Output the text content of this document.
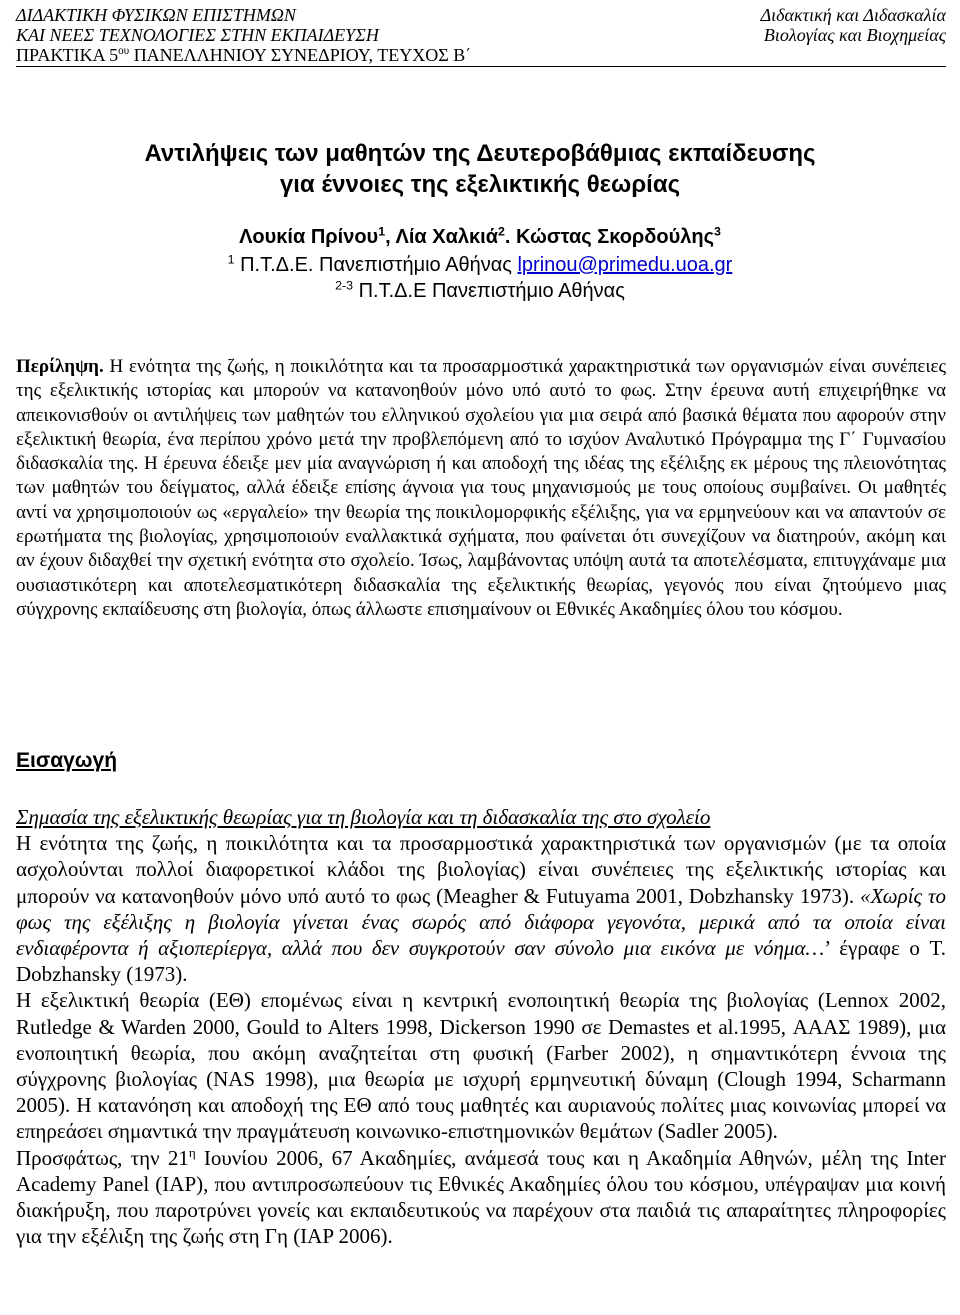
ΔΙΔΑΚΤΙΚΗ ΦΥΣΙΚΩΝ ΕΠΙΣΤΗΜΩΝ
ΚΑΙ ΝΕΕΣ ΤΕΧΝΟΛΟΓΙΕΣ ΣΤΗΝ ΕΚΠΑΙΔΕΥΣΗ
ΠΡΑΚΤΙΚΑ $5^{o\upsilon}$ ΠΑΝΕΛΛΗΝΙΟΥ ΣΥΝΕΔΡΙΟΥ, ΤΕΥΧΟΣ Β΄
Διδακτική και Διδασκαλία
Βιολογίας και Βιοχημείας
Αντιλήψεις των μαθητών της Δευτεροβάθμιας εκπαίδευσης
για έννοιες της εξελικτικής θεωρίας
Λουκία Πρίνου$^1$, Λία Χαλκιά$^2$. Κώστας Σκορδούλης$^3$
$^1$ Π.Τ.Δ.Ε. Πανεπιστήμιο Αθήνας lprinou@primedu.uoa.gr
$^{2-3}$ Π.Τ.Δ.Ε Πανεπιστήμιο Αθήνας
Περίληψη. Η ενότητα της ζωής, η ποικιλότητα και τα προσαρμοστικά χαρακτηριστικά των οργανισμών είναι συνέπειες της εξελικτικής ιστορίας και μπορούν να κατανοηθούν μόνο υπό αυτό το φως. Στην έρευνα αυτή επιχειρήθηκε να απεικονισθούν οι αντιλήψεις των μαθητών του ελληνικού σχολείου για μια σειρά από βασικά θέματα που αφορούν στην εξελικτική θεωρία, ένα περίπου χρόνο μετά την προβλεπόμενη από το ισχύον Αναλυτικό Πρόγραμμα της Γ΄ Γυμνασίου διδασκαλία της. Η έρευνα έδειξε μεν μία αναγνώριση ή και αποδοχή της ιδέας της εξέλιξης εκ μέρους της πλειονότητας των μαθητών του δείγματος, αλλά έδειξε επίσης άγνοια για τους μηχανισμούς με τους οποίους συμβαίνει. Οι μαθητές αντί να χρησιμοποιούν ως «εργαλείο» την θεωρία της ποικιλομορφικής εξέλιξης, για να ερμηνεύουν και να απαντούν σε ερωτήματα της βιολογίας, χρησιμοποιούν εναλλακτικά σχήματα, που φαίνεται ότι συνεχίζουν να διατηρούν, ακόμη και αν έχουν διδαχθεί την σχετική ενότητα στο σχολείο. Ίσως, λαμβάνοντας υπόψη αυτά τα αποτελέσματα, επιτυγχάναμε μια ουσιαστικότερη και αποτελεσματικότερη διδασκαλία της εξελικτικής θεωρίας, γεγονός που είναι ζητούμενο μιας σύγχρονης εκπαίδευσης στη βιολογία, όπως άλλωστε επισημαίνουν οι Εθνικές Ακαδημίες όλου του κόσμου.
Εισαγωγή

Σημασία της εξελικτικής θεωρίας για τη βιολογία και τη διδασκαλία της στο σχολείο

Η ενότητα της ζωής, η ποικιλότητα και τα προσαρμοστικά χαρακτηριστικά των οργανισμών (με τα οποία ασχολούνται πολλοί διαφορετικοί κλάδοι της βιολογίας) είναι συνέπειες της εξελικτικής ιστορίας και μπορούν να κατανοηθούν μόνο υπό αυτό το φως (Meagher & Futuyama 2001, Dobzhansky 1973). «Χωρίς το φως της εξέλιξης η βιολογία γίνεται ένας σωρός από διάφορα γεγονότα, μερικά από τα οποία είναι ενδιαφέροντα ή αξιοπερίεργα, αλλά που δεν συγκροτούν σαν σύνολο μια εικόνα με νόημα…’ έγραφε ο T. Dobzhansky (1973).

Η εξελικτική θεωρία (ΕΘ) επομένως είναι η κεντρική ενοποιητική θεωρία της βιολογίας (Lennox 2002, Rutledge & Warden 2000, Gould to Alters 1998, Dickerson 1990 σε Demastes et al.1995, ΑΑΑΣ 1989), μια ενοποιητική θεωρία, που ακόμη αναζητείται στη φυσική (Farber 2002), η σημαντικότερη έννοια της σύγχρονης βιολογίας (NAS 1998), μια θεωρία με ισχυρή ερμηνευτική δύναμη (Clough 1994, Scharmann 2005). Η κατανόηση και αποδοχή της ΕΘ από τους μαθητές και αυριανούς πολίτες μιας κοινωνίας μπορεί να επηρεάσει σημαντικά την πραγμάτευση κοινωνικο-επιστημονικών θεμάτων (Sadler 2005).

Προσφάτως, την $21^\eta$ Ιουνίου 2006, 67 Ακαδημίες, ανάμεσά τους και η Ακαδημία Αθηνών, μέλη της Inter Academy Panel (IAP), που αντιπροσωπεύουν τις Εθνικές Ακαδημίες όλου του κόσμου, υπέγραψαν μια κοινή διακήρυξη, που παροτρύνει γονείς και εκπαιδευτικούς να παρέχουν στα παιδιά τις απαραίτητες πληροφορίες για την εξέλιξη της ζωής στη Γη (IAP 2006).
